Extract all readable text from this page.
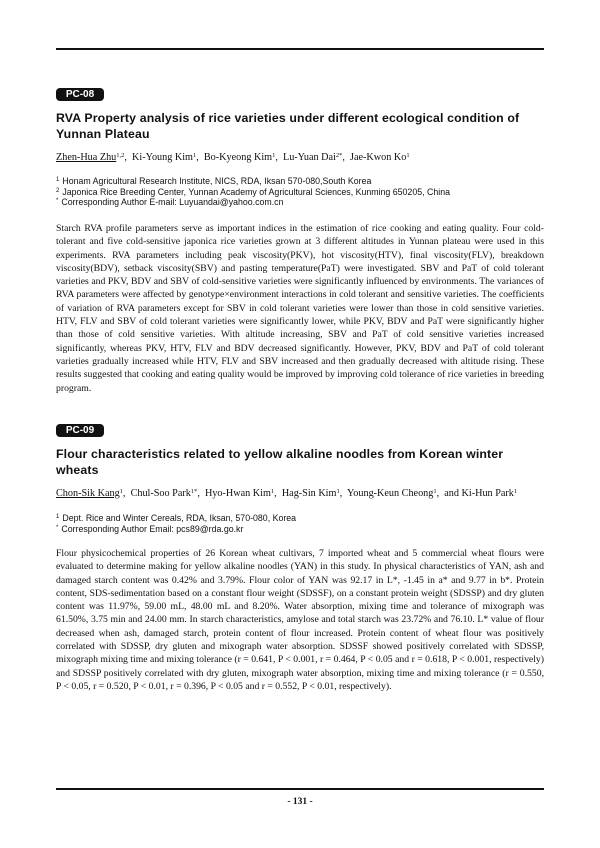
PC-08
RVA Property analysis of rice varieties under different ecological condition of Yunnan Plateau
Zhen-Hua Zhu$^{1,2}$,  Ki-Young Kim$^1$,  Bo-Kyeong Kim$^1$,  Lu-Yuan Dai$^{2*}$,  Jae-Kwon Ko$^1$
$^1$ Honam Agricultural Research Institute, NICS, RDA, Iksan 570-080,South Korea
$^2$ Japonica Rice Breeding Center, Yunnan Academy of Agricultural Sciences, Kunming 650205, China
* Corresponding Author E-mail: Luyuandai@yahoo.com.cn

Starch RVA profile parameters serve as important indices in the estimation of rice cooking and eating quality. Four cold- tolerant and five cold-sensitive japonica rice varieties grown at 3 different altitudes in Yunnan plateau were used in this experiments. RVA parameters including peak viscosity(PKV), hot viscosity(HTV), final viscosity(FLV), breakdown viscosity(BDV), setback viscosity(SBV) and pasting temperature(PaT) were investigated. SBV and PaT of cold tolerant varieties and PKV, BDV and SBV of cold-sensitive varieties were significantly influenced by environments. The variances of RVA parameters were affected by genotype×environment interactions in cold tolerant and sensitive varieties. The coefficients of variation of RVA parameters except for SBV in cold tolerant varieties were lower than those in cold sensitive varieties. HTV, FLV and SBV of cold tolerant varieties were significantly lower, while PKV, BDV and PaT were significantly higher than those of cold sensitive varieties. With altitude increasing, SBV and PaT of cold sensitive varieties increased significantly, whereas PKV, HTV, FLV and BDV decreased significantly. However, PKV, BDV and PaT of cold tolerant varieties gradually increased while HTV, FLV and SBV increased and then gradually decreased with altitude rising. These results suggested that cooking and eating quality would be improved by improving cold tolerance of rice varieties in breeding program.

PC-09
Flour characteristics related to yellow alkaline noodles from Korean winter wheats
Chon-Sik Kang$^1$,  Chul-Soo Park$^{1*}$,  Hyo-Hwan Kim$^1$,  Hag-Sin Kim$^1$,  Young-Keun Cheong$^1$,  and Ki-Hun Park$^1$
$^1$ Dept. Rice and Winter Cereals, RDA, Iksan, 570-080, Korea
* Corresponding Author Email: pcs89@rda.go.kr

Flour physicochemical properties of 26 Korean wheat cultivars, 7 imported wheat and 5 commercial wheat flours were evaluated to determine making for yellow alkaline noodles (YAN) in this study. In physical characteristics of YAN, ash and damaged starch content was 0.42% and 3.79%. Flour color of YAN was 92.17 in L*, -1.45 in a* and 9.77 in b*. Protein content, SDS-sedimentation based on a constant flour weight (SDSSF), on a constant protein weight (SDSSP) and dry gluten content was 11.97%, 59.00 mL, 48.00 mL and 8.20%. Water absorption, mixing time and tolerance of mixograph was 61.50%, 3.75 min and 24.00 mm. In starch characteristics, amylose and total starch was 23.72% and 76.10. L* value of flour decreased when ash, damaged starch, protein content of flour increased. Protein content of wheat flour was positively correlated with SDSSP, dry gluten and mixograph water absorption. SDSSF showed positively correlated with SDSSP, mixograph mixing time and mixing tolerance (r = 0.641, P < 0.001, r = 0.464, P < 0.05 and r = 0.618, P < 0.001, respectively) and SDSSP positively correlated with dry gluten, mixograph water absorption, mixing time and mixing tolerance (r = 0.550, P < 0.05, r = 0.520, P < 0.01, r = 0.396, P < 0.05 and r = 0.552, P < 0.01, respectively).

- 131 -
